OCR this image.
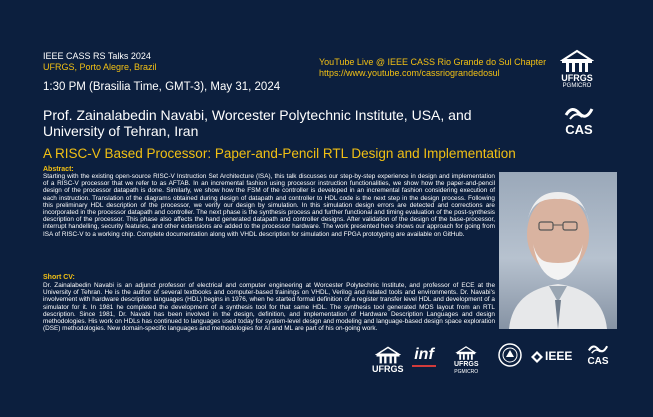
IEEE CASS RS Talks 2024
UFRGS, Porto Alegre, Brazil
1:30 PM (Brasilia Time, GMT-3), May 31, 2024
YouTube Live @ IEEE CASS Rio Grande do Sul Chapter
https://www.youtube.com/cassriograndedosul	UFRGS
PGMICRO
CAS
Prof. Zainalabedin Navabi, Worcester Polytechnic Institute, USA, and University of Tehran, Iran
A RISC-V Based Processor: Paper-and-Pencil RTL Design and Implementation
Abstract:
Starting with the existing open-source RISC-V Instruction Set Architecture (ISA), this talk discusses our step-by-step experience in design and implementation of a RISC-V processor that we refer to as AFTAB. In an incremental fashion using processor instruction functionalities, we show how the paper-and-pencil design of the processor datapath is done. Similarly, we show how the FSM of the controller is developed in an incremental fashion considering execution of each instruction. Translation of the diagrams obtained during design of datapath and controller to HDL code is the next step in the design process. Following this preliminary HDL description of the processor, we verify our design by simulation. In this simulation design errors are detected and corrections are incorporated in the processor datapath and controller. The next phase is the synthesis process and further functional and timing evaluation of the post-synthesis description of the processor. This phase also affects the hand generated datapath and controller designs. After validation of the design of the base-processor, interrupt handelling, security features, and other extensions are added to the processor hardware. The work presented here shows our approach for going from ISA of RISC-V to a working chip. Complete documentation along with VHDL description for simulation and FPGA prototyping are available on GitHub.
Short CV:
Dr. Zainalabedin Navabi is an adjunct professor of electrical and computer engineering at Worcester Polytechnic Institute, and professor of ECE at the University of Tehran. He is the author of several textbooks and computer-based trainings on VHDL, Verilog and related tools and environments. Dr. Navabi's involvement with hardware description languages (HDL) begins in 1976, when he started formal definition of a register transfer level HDL and development of a simulator for it. In 1981 he completed the development of a synthesis tool for that same HDL. The synthesis tool generated MOS layout from an RTL description. Since 1981, Dr. Navabi has been involved in the design, definition, and implementation of Hardware Description Languages and design methodologies. His work on HDLs has continued to languages used today for system-level design and modeling and language-based design space exploration (DSE) methodologies. New domain-specific languages and methodologies for AI and ML are part of his on-going work.
UFRGS
inf
UFRGS
PGMICRO
IEEE CAS
